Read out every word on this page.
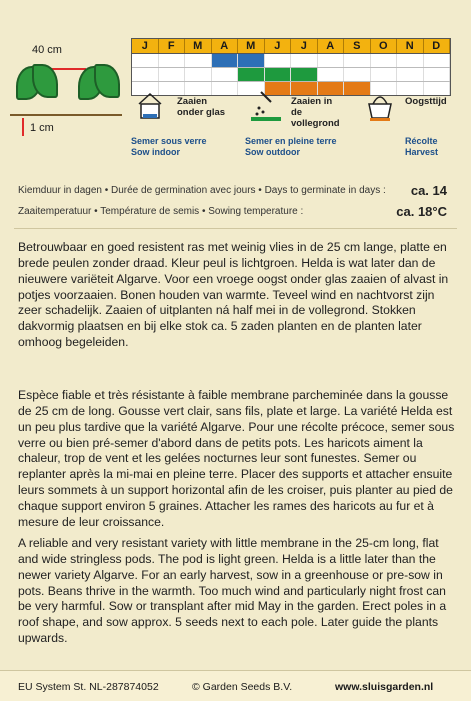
40 cm
1 cm
J	F	M	A	M	J	J	A	S	O	N	D
Zaaien
onder glas
Semer sous verre
Sow indoor
Zaaien in
de vollegrond
Semer en pleine terre
Sow outdoor
Oogsttijd
Récolte
Harvest
Kiemduur in dagen • Durée de germination avec jours • Days to germinate in days : ca. 14
Zaaitemperatuur • Température de semis • Sowing temperature :	ca. 18°C

Betrouwbaar en goed resistent ras met weinig vlies in de 25 cm lange, platte en brede peulen zonder draad. Kleur peul is lichtgroen. Helda is wat later dan de nieuwere variëteit Algarve. Voor een vroege oogst onder glas zaaien of alvast in potjes voorzaaien. Bonen houden van warmte. Teveel wind en nachtvorst zijn zeer schadelijk. Zaaien of uitplanten ná half mei in de vollegrond. Stokken dakvormig plaatsen en bij elke stok ca. 5 zaden planten en de planten later omhoog begeleiden.

Espèce fiable et très résistante à faible membrane parcheminée dans la gousse de 25 cm de long. Gousse vert clair, sans fils, plate et large. La variété Helda est un peu plus tardive que la variété Algarve. Pour une récolte précoce, semer sous verre ou bien pré-semer d'abord dans de petits pots. Les haricots aiment la chaleur, trop de vent et les gelées nocturnes leur sont funestes. Semer ou replanter après la mi-mai en pleine terre. Placer des supports et attacher ensuite leurs sommets à un support horizontal afin de les croiser, puis planter au pied de chaque support environ 5 graines. Attacher les rames des haricots au fur et à mesure de leur croissance.

A reliable and very resistant variety with little membrane in the 25-cm long, flat and wide stringless pods. The pod is light green. Helda is a little later than the newer variety Algarve. For an early harvest, sow in a greenhouse or pre-sow in pots. Beans thrive in the warmth. Too much wind and particularly night frost can be very harmful. Sow or transplant after mid May in the garden. Erect poles in a roof shape, and sow approx. 5 seeds next to each pole. Later guide the plants upwards.

EU System St. NL-287874052	© Garden Seeds B.V.	www.sluisgarden.nl
